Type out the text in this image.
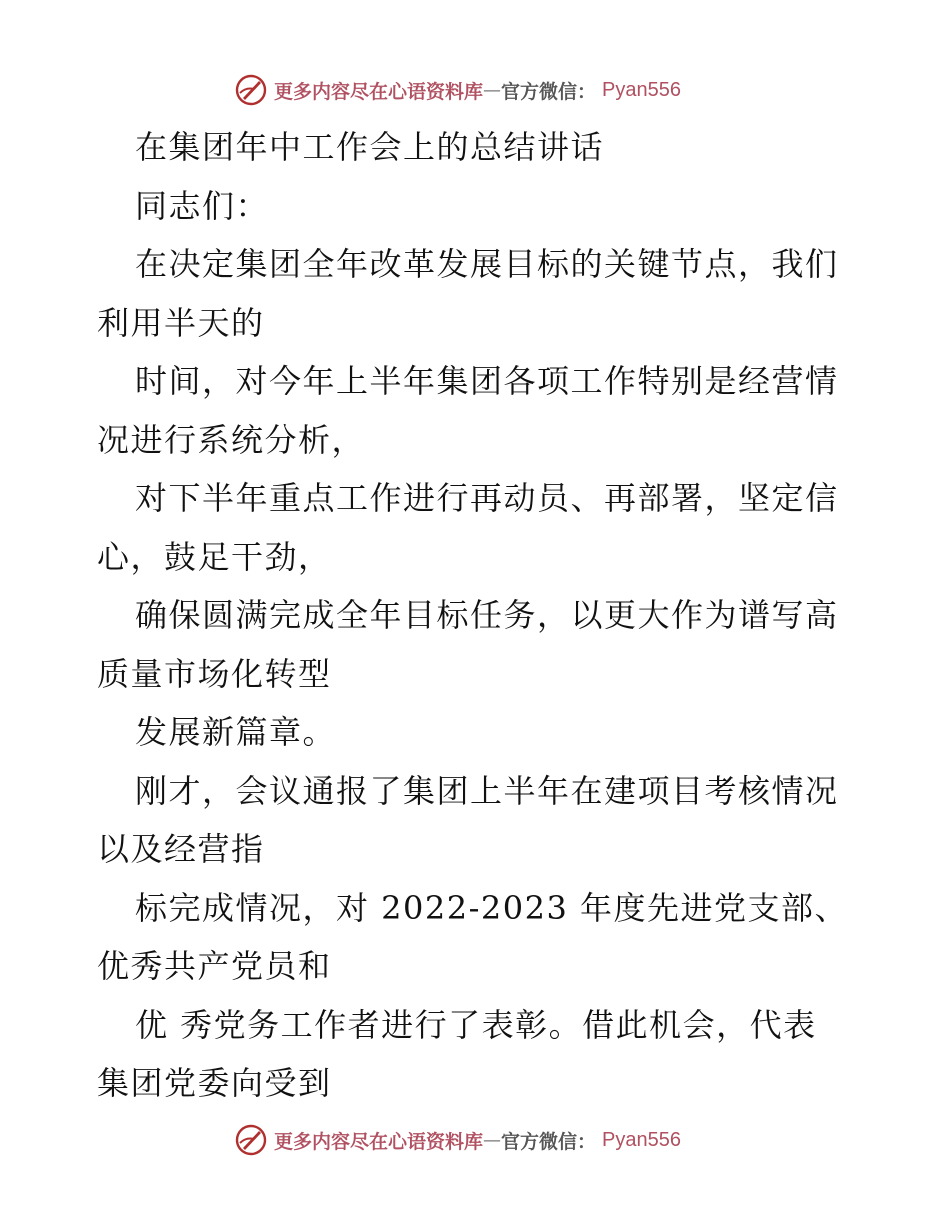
更多内容尽在心语资料库 — 官方微信： Pyan556
在集团年中工作会上的总结讲话
同志们：
在决定集团全年改革发展目标的关键节点，我们
利用半天的
时间，对今年上半年集团各项工作特别是经营情
况进行系统分析，
对下半年重点工作进行再动员、再部署，坚定信
心，鼓足干劲，
确保圆满完成全年目标任务，以更大作为谱写高
质量市场化转型
发展新篇章。
刚才，会议通报了集团上半年在建项目考核情况
以及经营指
标完成情况，对 2022-2023 年度先进党支部、
优秀共产党员和
优 秀党务工作者进行了表彰。借此机会，代表
集团党委向受到
更多内容尽在心语资料库 — 官方微信： Pyan556
